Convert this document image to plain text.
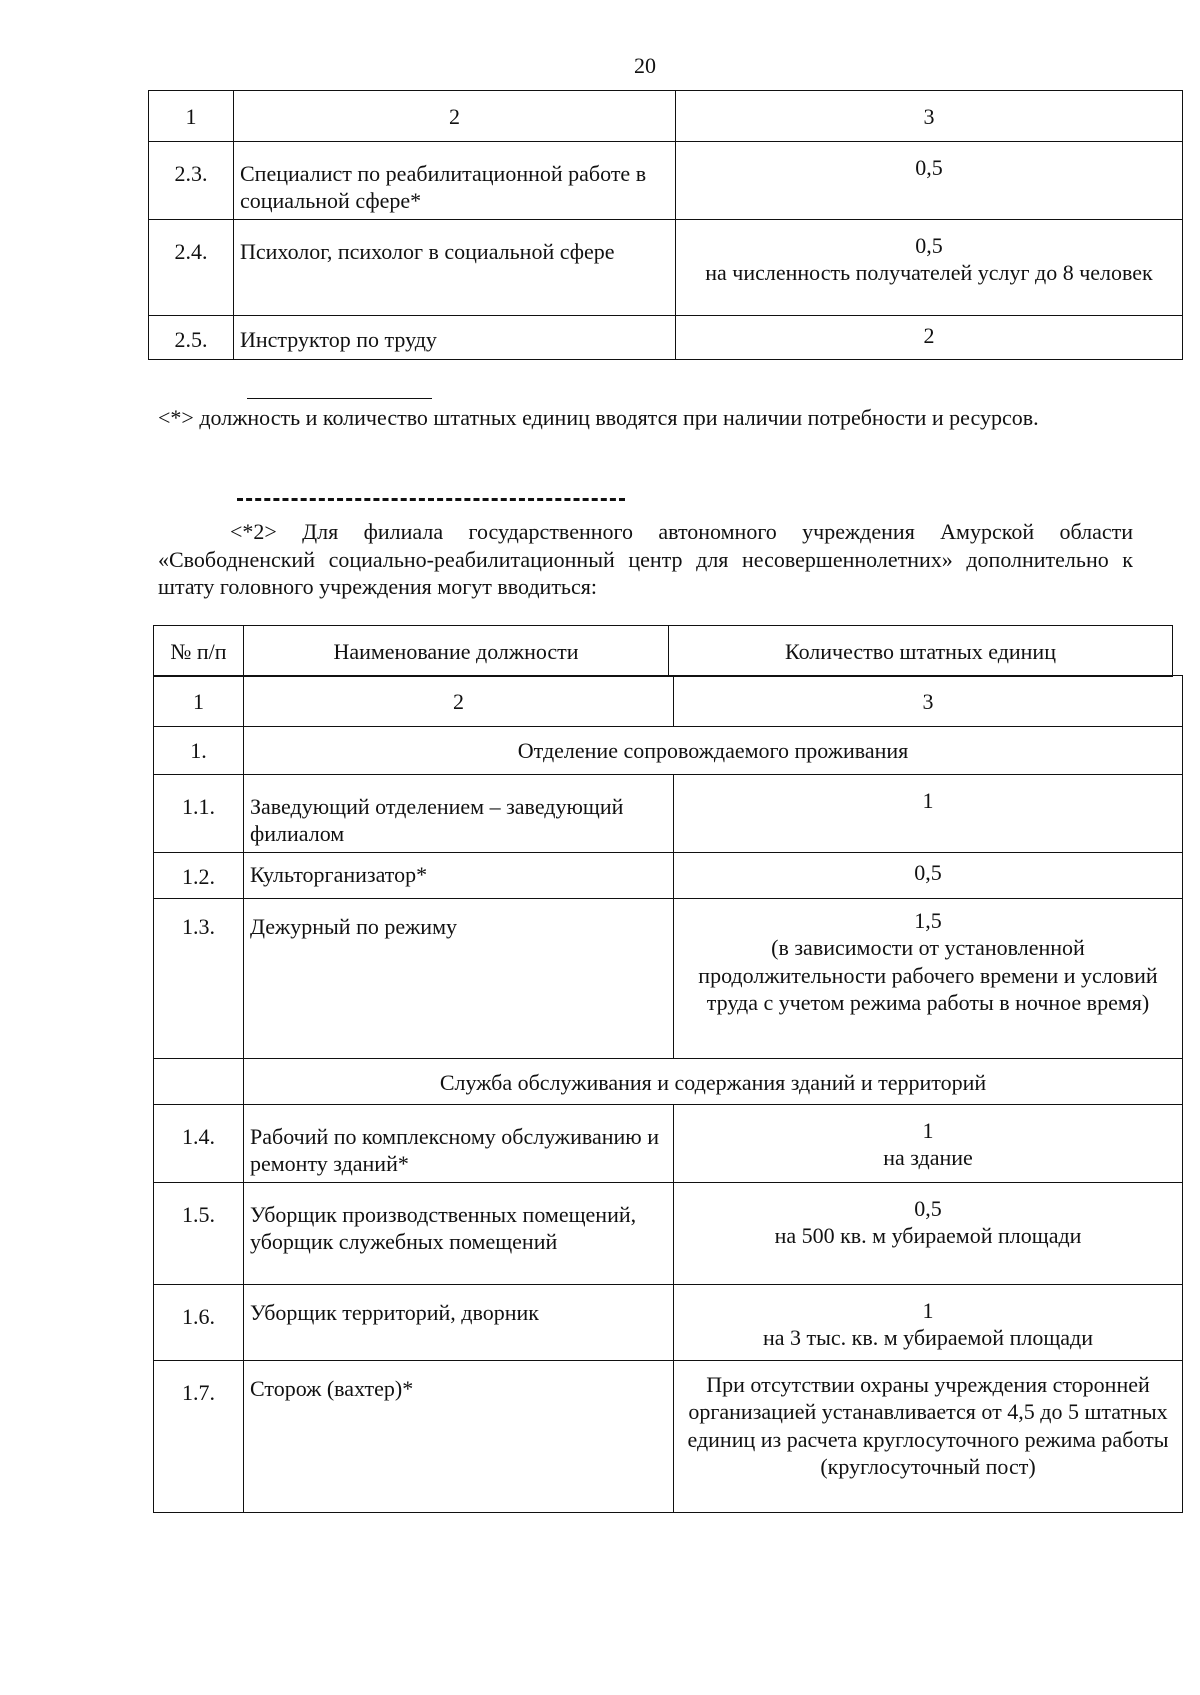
20
1	2	3
2.3.	Специалист по реабилитационной работе в социальной сфере*	0,5

2.4.	Психолог, психолог в социальной сфере	0,5
на численность получателей услуг до 8 человек

2.5.	Инструктор по труду	2
<*> должность и количество штатных единиц вводятся при наличии потребности и ресурсов.
<*2> Для филиала государственного автономного учреждения Амурской области «Свободненский социально-реабилитационный центр для несовершеннолетних» дополнительно к штату головного учреждения могут вводиться:
№ п/п	Наименование должности	Количество штатных единиц
1	2	3
1.	Отделение сопровождаемого проживания	
1.1.	Заведующий отделением – заведующий филиалом	1

1.2.	Культорганизатор*	0,5

1.3.	Дежурный по режиму	1,5
(в зависимости от установленной продолжительности рабочего времени и условий труда с учетом режима работы в ночное время)

	Служба обслуживания и содержания зданий и территорий	
1.4.	Рабочий по комплексному обслуживанию и ремонту зданий*	1
на здание

1.5.	Уборщик производственных помещений, уборщик служебных помещений	0,5
на 500 кв. м убираемой площади

1.6.	Уборщик территорий, дворник	1
на 3 тыс. кв. м убираемой площади

1.7.	Сторож (вахтер)*	При отсутствии охраны учреждения сторонней организацией устанавливается от 4,5 до 5 штатных единиц из расчета круглосуточного режима работы (круглосуточный пост)
